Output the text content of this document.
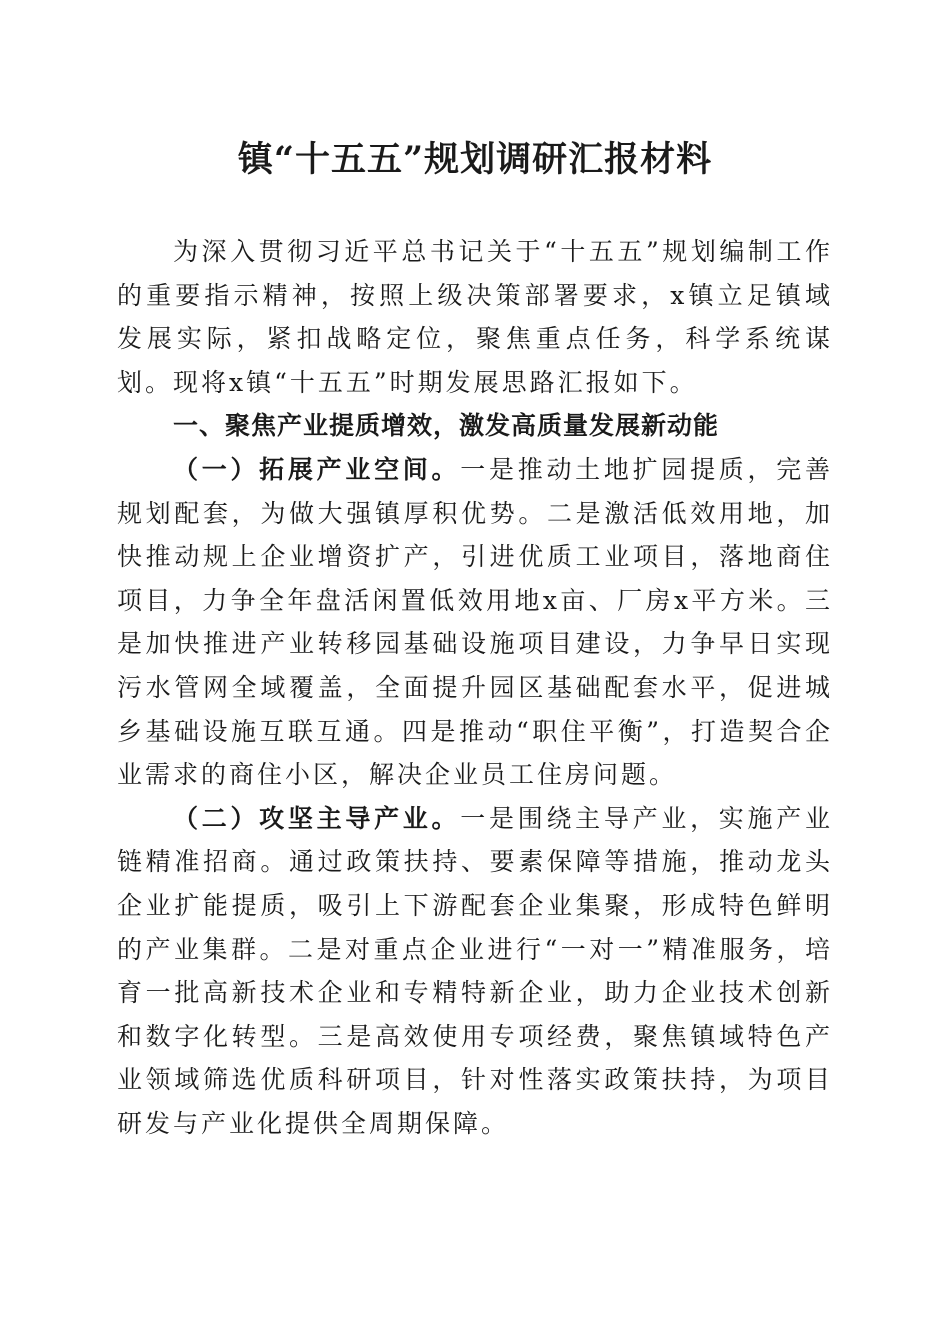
镇“十五五”规划调研汇报材料

为深入贯彻习近平总书记关于“十五五”规划编制工作的重要指示精神，按照上级决策部署要求，x镇立足镇域发展实际，紧扣战略定位，聚焦重点任务，科学系统谋划。现将x镇“十五五”时期发展思路汇报如下。

一、聚焦产业提质增效，激发高质量发展新动能

（一）拓展产业空间。一是推动土地扩园提质，完善规划配套，为做大强镇厚积优势。二是激活低效用地，加快推动规上企业增资扩产，引进优质工业项目，落地商住项目，力争全年盘活闲置低效用地x亩、厂房x平方米。三是加快推进产业转移园基础设施项目建设，力争早日实现污水管网全域覆盖，全面提升园区基础配套水平，促进城乡基础设施互联互通。四是推动“职住平衡”，打造契合企业需求的商住小区，解决企业员工住房问题。

（二）攻坚主导产业。一是围绕主导产业，实施产业链精准招商。通过政策扶持、要素保障等措施，推动龙头企业扩能提质，吸引上下游配套企业集聚，形成特色鲜明的产业集群。二是对重点企业进行“一对一”精准服务，培育一批高新技术企业和专精特新企业，助力企业技术创新和数字化转型。三是高效使用专项经费，聚焦镇域特色产业领域筛选优质科研项目，针对性落实政策扶持，为项目研发与产业化提供全周期保障。
